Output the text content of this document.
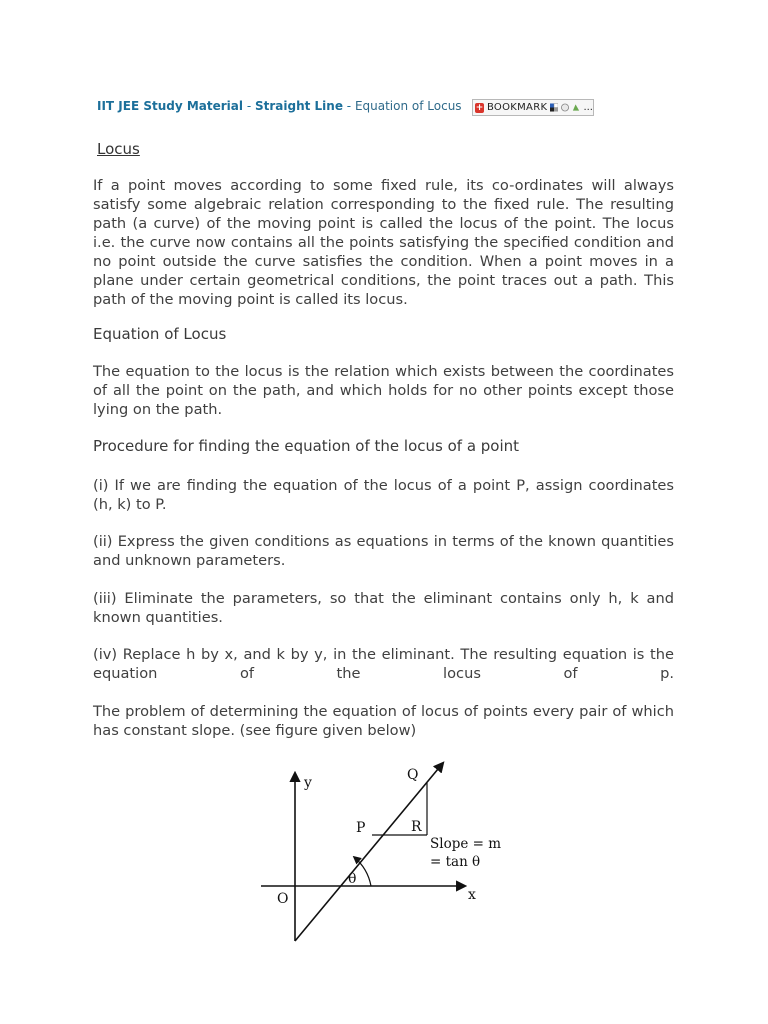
IIT JEE Study Material - Straight Line - Equation of Locus + BOOKMARK	...
Locus
If a point moves according to some fixed rule, its co-ordinates will always satisfy some algebraic relation corresponding to the fixed rule. The resulting path (a curve) of the moving point is called the locus of the point. The locus i.e. the curve now contains all the points satisfying the specified condition and no point outside the curve satisfies the condition. When a point moves in a plane under certain geometrical conditions, the point traces out a path. This path of the moving point is called its locus.
Equation of Locus
The equation to the locus is the relation which exists between the coordinates of all the point on the path, and which holds for no other points except those lying on the path.
Procedure for finding the equation of the locus of a point
(i) If we are finding the equation of the locus of a point P, assign coordinates (h, k) to P.
(ii) Express the given conditions as equations in terms of the known quantities and unknown parameters.
(iii) Eliminate the parameters, so that the eliminant contains only h, k and known quantities.
(iv) Replace h by x, and k by y, in the eliminant. The resulting equation is the equation of the locus of p.
The problem of determining the equation of locus of points every pair of which has constant slope. (see figure given below)
y
x
O
P
Q
R
θ
Slope = m
= tan θ
